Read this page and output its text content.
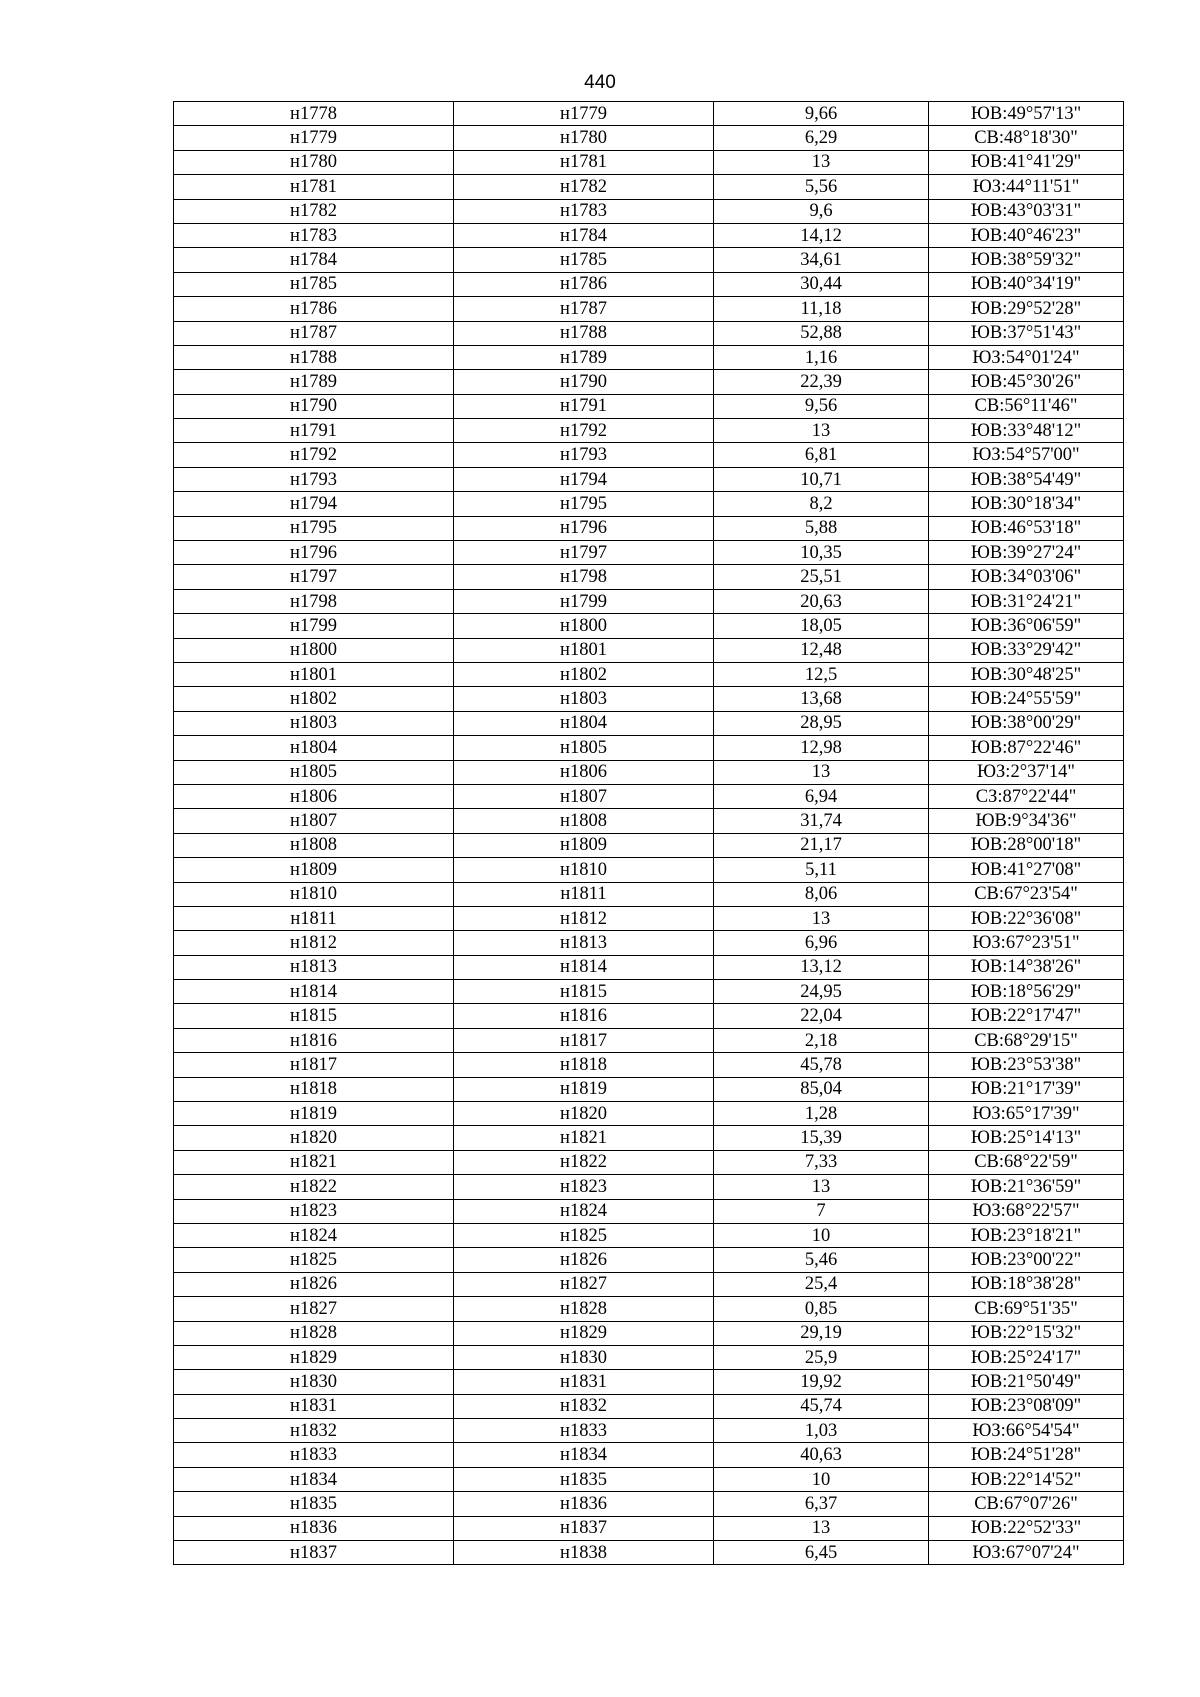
440
н1778	н1779	9,66	ЮВ:49°57'13"
н1779	н1780	6,29	СВ:48°18'30"
н1780	н1781	13	ЮВ:41°41'29"
н1781	н1782	5,56	ЮЗ:44°11'51"
н1782	н1783	9,6	ЮВ:43°03'31"
н1783	н1784	14,12	ЮВ:40°46'23"
н1784	н1785	34,61	ЮВ:38°59'32"
н1785	н1786	30,44	ЮВ:40°34'19"
н1786	н1787	11,18	ЮВ:29°52'28"
н1787	н1788	52,88	ЮВ:37°51'43"
н1788	н1789	1,16	ЮЗ:54°01'24"
н1789	н1790	22,39	ЮВ:45°30'26"
н1790	н1791	9,56	СВ:56°11'46"
н1791	н1792	13	ЮВ:33°48'12"
н1792	н1793	6,81	ЮЗ:54°57'00"
н1793	н1794	10,71	ЮВ:38°54'49"
н1794	н1795	8,2	ЮВ:30°18'34"
н1795	н1796	5,88	ЮВ:46°53'18"
н1796	н1797	10,35	ЮВ:39°27'24"
н1797	н1798	25,51	ЮВ:34°03'06"
н1798	н1799	20,63	ЮВ:31°24'21"
н1799	н1800	18,05	ЮВ:36°06'59"
н1800	н1801	12,48	ЮВ:33°29'42"
н1801	н1802	12,5	ЮВ:30°48'25"
н1802	н1803	13,68	ЮВ:24°55'59"
н1803	н1804	28,95	ЮВ:38°00'29"
н1804	н1805	12,98	ЮВ:87°22'46"
н1805	н1806	13	ЮЗ:2°37'14"
н1806	н1807	6,94	СЗ:87°22'44"
н1807	н1808	31,74	ЮВ:9°34'36"
н1808	н1809	21,17	ЮВ:28°00'18"
н1809	н1810	5,11	ЮВ:41°27'08"
н1810	н1811	8,06	СВ:67°23'54"
н1811	н1812	13	ЮВ:22°36'08"
н1812	н1813	6,96	ЮЗ:67°23'51"
н1813	н1814	13,12	ЮВ:14°38'26"
н1814	н1815	24,95	ЮВ:18°56'29"
н1815	н1816	22,04	ЮВ:22°17'47"
н1816	н1817	2,18	СВ:68°29'15"
н1817	н1818	45,78	ЮВ:23°53'38"
н1818	н1819	85,04	ЮВ:21°17'39"
н1819	н1820	1,28	ЮЗ:65°17'39"
н1820	н1821	15,39	ЮВ:25°14'13"
н1821	н1822	7,33	СВ:68°22'59"
н1822	н1823	13	ЮВ:21°36'59"
н1823	н1824	7	ЮЗ:68°22'57"
н1824	н1825	10	ЮВ:23°18'21"
н1825	н1826	5,46	ЮВ:23°00'22"
н1826	н1827	25,4	ЮВ:18°38'28"
н1827	н1828	0,85	СВ:69°51'35"
н1828	н1829	29,19	ЮВ:22°15'32"
н1829	н1830	25,9	ЮВ:25°24'17"
н1830	н1831	19,92	ЮВ:21°50'49"
н1831	н1832	45,74	ЮВ:23°08'09"
н1832	н1833	1,03	ЮЗ:66°54'54"
н1833	н1834	40,63	ЮВ:24°51'28"
н1834	н1835	10	ЮВ:22°14'52"
н1835	н1836	6,37	СВ:67°07'26"
н1836	н1837	13	ЮВ:22°52'33"
н1837	н1838	6,45	ЮЗ:67°07'24"
